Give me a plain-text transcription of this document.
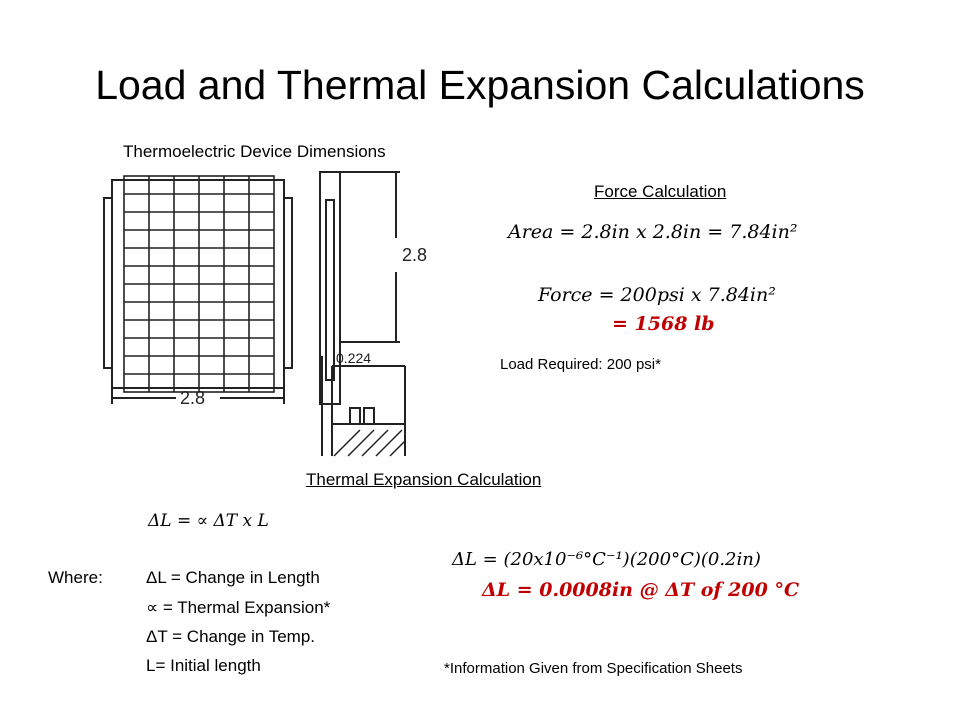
Load and Thermal Expansion Calculations
Thermoelectric Device Dimensions
2.8
2.8
0.224
Force Calculation
Area = 2.8in x 2.8in = 7.84in²
Force = 200psi x 7.84in²
= 1568 lb
Load Required: 200 psi*
Thermal Expansion Calculation
ΔL = ∝ ΔT x L
Where:	ΔL = Change in Length
∝ = Thermal Expansion*
ΔT = Change in Temp.
L= Initial length
ΔL = (20x10⁻⁶°C⁻¹)(200°C)(0.2in)
ΔL = 0.0008in @ ΔT of 200 °C
*Information Given from Specification Sheets
